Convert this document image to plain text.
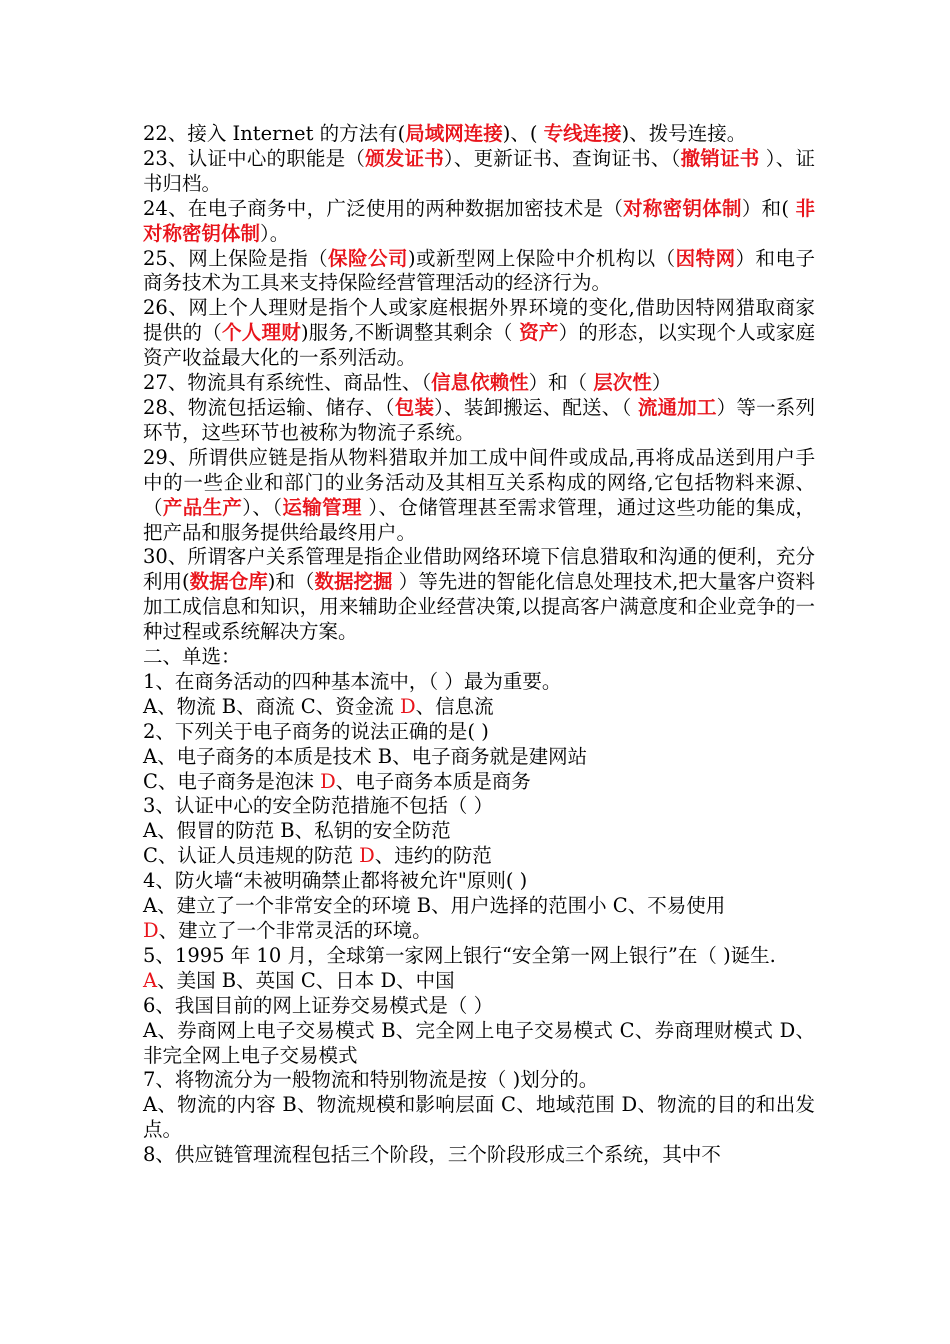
22、接入 Internet 的方法有(局域网连接)、( 专线连接)、拨号连接。

23、认证中心的职能是（颁发证书）、更新证书、查询证书、（撤销证书 ）、证书归档。

24、在电子商务中，广泛使用的两种数据加密技术是（对称密钥体制）和( 非对称密钥体制）。

25、网上保险是指（保险公司)或新型网上保险中介机构以（因特网）和电子商务技术为工具来支持保险经营管理活动的经济行为。

26、网上个人理财是指个人或家庭根据外界环境的变化,借助因特网猎取商家提供的（个人理财)服务,不断调整其剩余（ 资产）的形态，以实现个人或家庭资产收益最大化的一系列活动。

27、物流具有系统性、商品性、（信息依赖性）和（ 层次性）

28、物流包括运输、储存、（包装）、装卸搬运、配送、（ 流通加工）等一系列环节，这些环节也被称为物流子系统。

29、所谓供应链是指从物料猎取并加工成中间件或成品,再将成品送到用户手中的一些企业和部门的业务活动及其相互关系构成的网络,它包括物料来源、（产品生产）、（运输管理 ）、仓储管理甚至需求管理，通过这些功能的集成，把产品和服务提供给最终用户。

30、所谓客户关系管理是指企业借助网络环境下信息猎取和沟通的便利，充分利用(数据仓库)和（数据挖掘 ）等先进的智能化信息处理技术,把大量客户资料加工成信息和知识，用来辅助企业经营决策,以提高客户满意度和企业竞争的一种过程或系统解决方案。

二、单选：

1、在商务活动的四种基本流中，（ ）最为重要。

A、物流 B、商流 C、资金流 D、信息流

2、下列关于电子商务的说法正确的是( )

A、电子商务的本质是技术 B、电子商务就是建网站

C、电子商务是泡沫 D、电子商务本质是商务

3、认证中心的安全防范措施不包括（ ）

A、假冒的防范 B、私钥的安全防范

C、认证人员违规的防范 D、违约的防范

4、防火墙“未被明确禁止都将被允许"原则( )

A、建立了一个非常安全的环境 B、用户选择的范围小 C、不易使用

D、建立了一个非常灵活的环境。

5、1995 年 10 月，全球第一家网上银行“安全第一网上银行”在（ )诞生.

A、美国 B、英国 C、日本 D、中国

6、我国目前的网上证券交易模式是（ ）

A、券商网上电子交易模式 B、完全网上电子交易模式 C、券商理财模式 D、非完全网上电子交易模式

7、将物流分为一般物流和特别物流是按（ )划分的。

A、物流的内容 B、物流规模和影响层面 C、地域范围 D、物流的目的和出发点。

8、供应链管理流程包括三个阶段，三个阶段形成三个系统，其中不
